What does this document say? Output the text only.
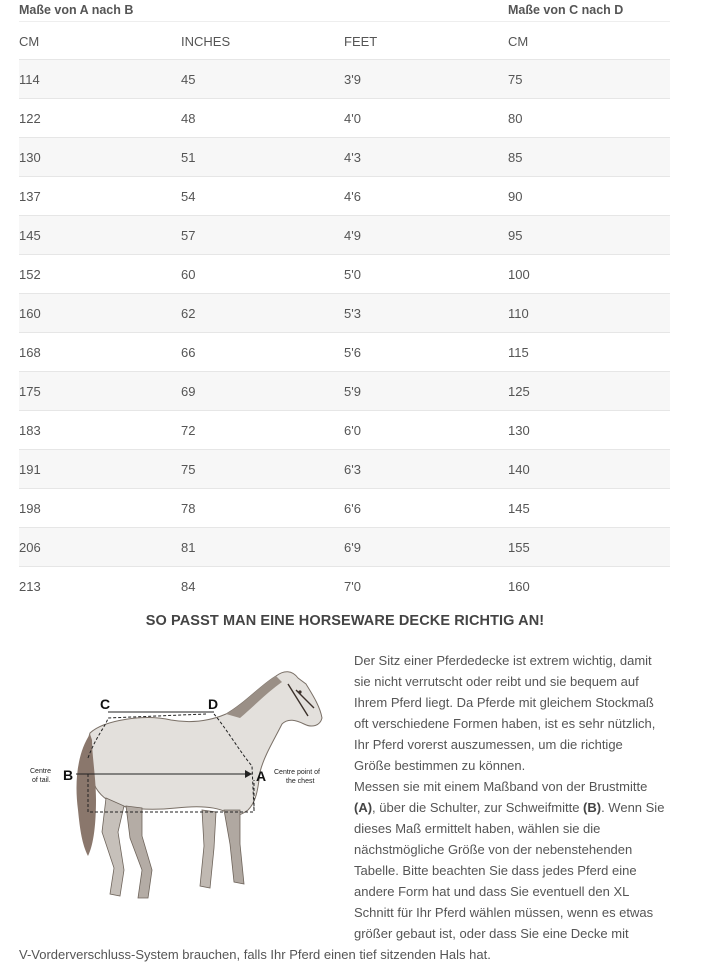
Maße von A nach B	Maße von C nach D
CM	INCHES	FEET	CM
114	45	3'9	75
122	48	4'0	80
130	51	4'3	85
137	54	4'6	90
145	57	4'9	95
152	60	5'0	100
160	62	5'3	110
168	66	5'6	115
175	69	5'9	125
183	72	6'0	130
191	75	6'3	140
198	78	6'6	145
206	81	6'9	155
213	84	7'0	160
SO PASST MAN EINE HORSEWARE DECKE RICHTIG AN!
C	D
B	A
Centre
of tail.
Centre point of
the chest
Der Sitz einer Pferdedecke ist extrem wichtig, damit
sie nicht verrutscht oder reibt und sie bequem auf
Ihrem Pferd liegt. Da Pferde mit gleichem Stockmaß
oft verschiedene Formen haben, ist es sehr nützlich,
Ihr Pferd vorerst auszumessen, um die richtige
Größe bestimmen zu können.
Messen sie mit einem Maßband von der Brustmitte
(A), über die Schulter, zur Schweifmitte (B). Wenn Sie
dieses Maß ermittelt haben, wählen sie die
nächstmögliche Größe von der nebenstehenden
Tabelle. Bitte beachten Sie dass jedes Pferd eine
andere Form hat und dass Sie eventuell den XL
Schnitt für Ihr Pferd wählen müssen, wenn es etwas
größer gebaut ist, oder dass Sie eine Decke mit
V-Vorderverschluss-System brauchen, falls Ihr Pferd einen tief sitzenden Hals hat.
